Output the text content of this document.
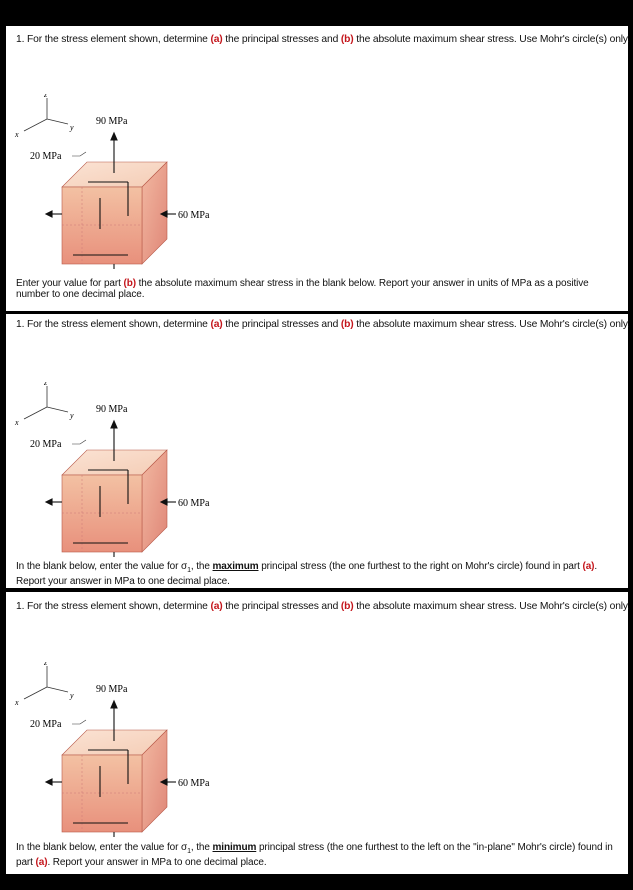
1. For the stress element shown, determine (a) the principal stresses and (b) the absolute maximum shear stress. Use Mohr's circle(s) only.
z
y
x
90 MPa
20 MPa
60 MPa
Enter your value for part (b) the absolute maximum shear stress in the blank below. Report your answer in units of MPa as a positive number to one decimal place.
1. For the stress element shown, determine (a) the principal stresses and (b) the absolute maximum shear stress. Use Mohr's circle(s) only.
z
y
x
90 MPa
20 MPa
60 MPa
In the blank below, enter the value for $\sigma_1$, the maximum principal stress (the one furthest to the right on Mohr's circle) found in part (a). Report your answer in MPa to one decimal place.
1. For the stress element shown, determine (a) the principal stresses and (b) the absolute maximum shear stress. Use Mohr's circle(s) only.
z
y
x
90 MPa
20 MPa
60 MPa
In the blank below, enter the value for $\sigma_1$, the minimum principal stress (the one furthest to the left on the "in-plane" Mohr's circle) found in part (a). Report your answer in MPa to one decimal place.
